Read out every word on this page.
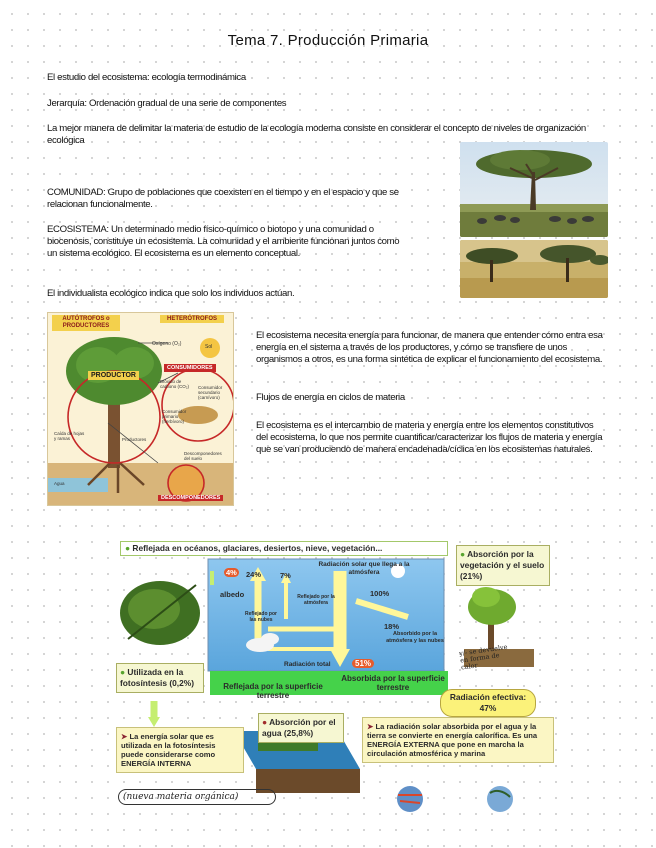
Tema 7. Producción Primaria
El estudio del ecosistema: ecología termodinámica
Jerarquía: Ordenación gradual de una serie de componentes
La mejor manera de delimitar la materia de estudio de la ecología moderna consiste en considerar el concepto de niveles de organización ecológica
COMUNIDAD: Grupo de poblaciones que coexisten en el tiempo y en el espacio y que se relacionan funcionalmente.
ECOSISTEMA: Un determinado medio físico-químico o biotopo y una comunidad o biocenosis, constituye un ecosistema. La comunidad y el ambiente funcionan juntos como un sistema ecológico. El ecosistema es un elemento conceptual.
El individualista ecológico indica que solo los individuos actúan.
El ecosistema necesita energía para funcionar, de manera que entender cómo entra esa energía en el sistema a través de los productores, y cómo se transfiere de unos organismos a otros, es una forma sintética de explicar el funcionamiento del ecosistema.
Flujos de energía en ciclos de materia
El ecosistema es el intercambio de materia y energía entre los elementos constitutivos del ecosistema, lo que nos permite cuantificar/caracterizar los flujos de materia y energía que se van produciendo de manera encadenada/cíclica en los ecosistemas naturales.
AUTÓTROFOS o PRODUCTORES
HETERÓTROFOS
Sol
Oxígeno (O₂)
CONSUMIDORES
PRODUCTOR
Dióxido de carbono (CO₂)	Consumidor secundario (carnívoro)
Consumidor primario (herbívoro)
Caída de hojas y ramas	Productores
Descomponedores del suelo
Agua
DESCOMPONEDORES
● Reflejada en océanos, glaciares, desiertos, nieve, vegetación...
● Absorción por la vegetación y el suelo (21%)
4% 24%	7%
albedo
Radiación solar que llega a la atmósfera
100%
Reflejado por la atmósfera
Reflejado por las nubes
18%
Absorbido por la atmósfera y las nubes
Radiación total	51%
y/- se devuelve en forma de calor
● Utilizada en la fotosíntesis (0,2%)	Reflejada por la superficie terrestre
Absorbida por la superficie terrestre
Radiación efectiva: 47%
➤ La energía solar que es utilizada en la fotosíntesis puede considerarse como ENERGÍA INTERNA
● Absorción por el agua (25,8%)
➤ La radiación solar absorbida por el agua y la tierra se convierte en energía calorífica. Es una ENERGÍA EXTERNA que pone en marcha la circulación atmosférica y marina
(nueva materia orgánica)
